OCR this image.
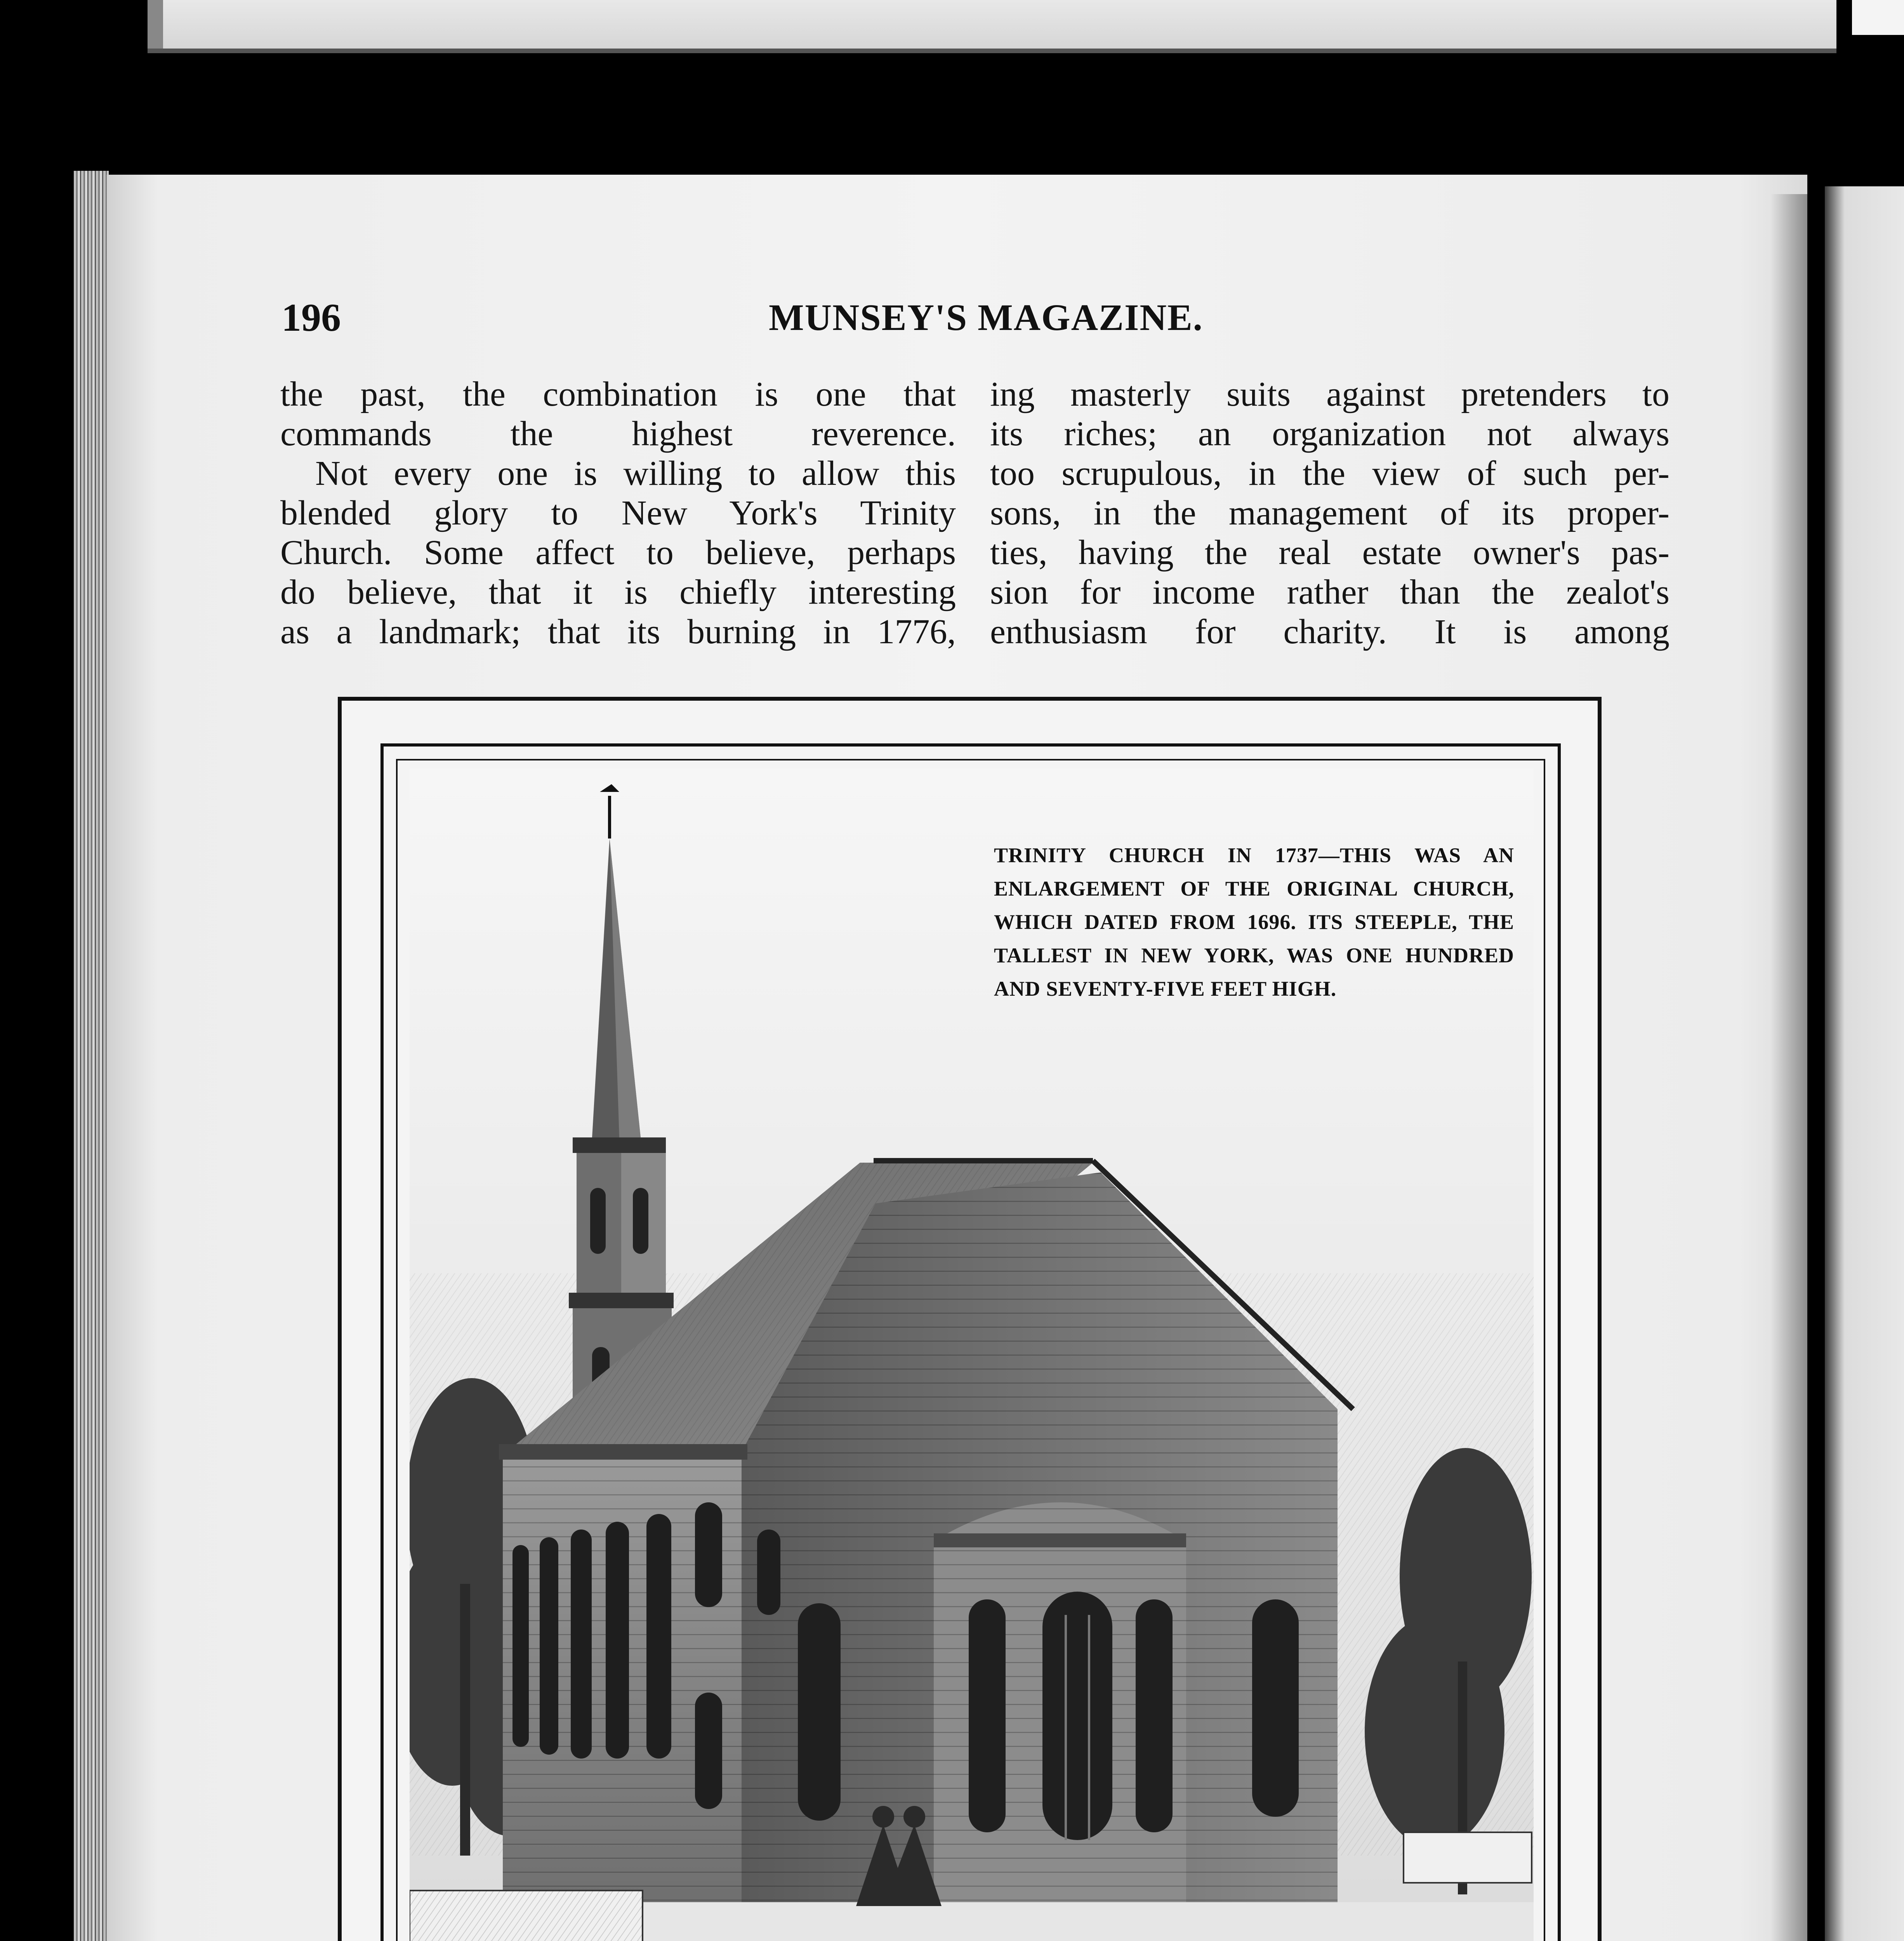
196	MUNSEY'S MAGAZINE.

the past, the combination is one that

commands the highest reverence.

Not every one is willing to allow this

blended glory to New York's Trinity

Church. Some affect to believe, perhaps

do believe, that it is chiefly interesting

as a landmark; that its burning in 1776,

ing masterly suits against pretenders to

its riches; an organization not always

too scrupulous, in the view of such per-

sons, in the management of its proper-

ties, having the real estate owner's pas-

sion for income rather than the zealot's

enthusiasm for charity. It is among

TRINITY CHURCH IN 1737—THIS WAS AN ENLARGEMENT OF THE ORIGINAL CHURCH, WHICH DATED FROM 1696. ITS STEEPLE, THE TALLEST IN NEW YORK, WAS ONE HUNDRED AND SEVENTY-FIVE FEET HIGH.
